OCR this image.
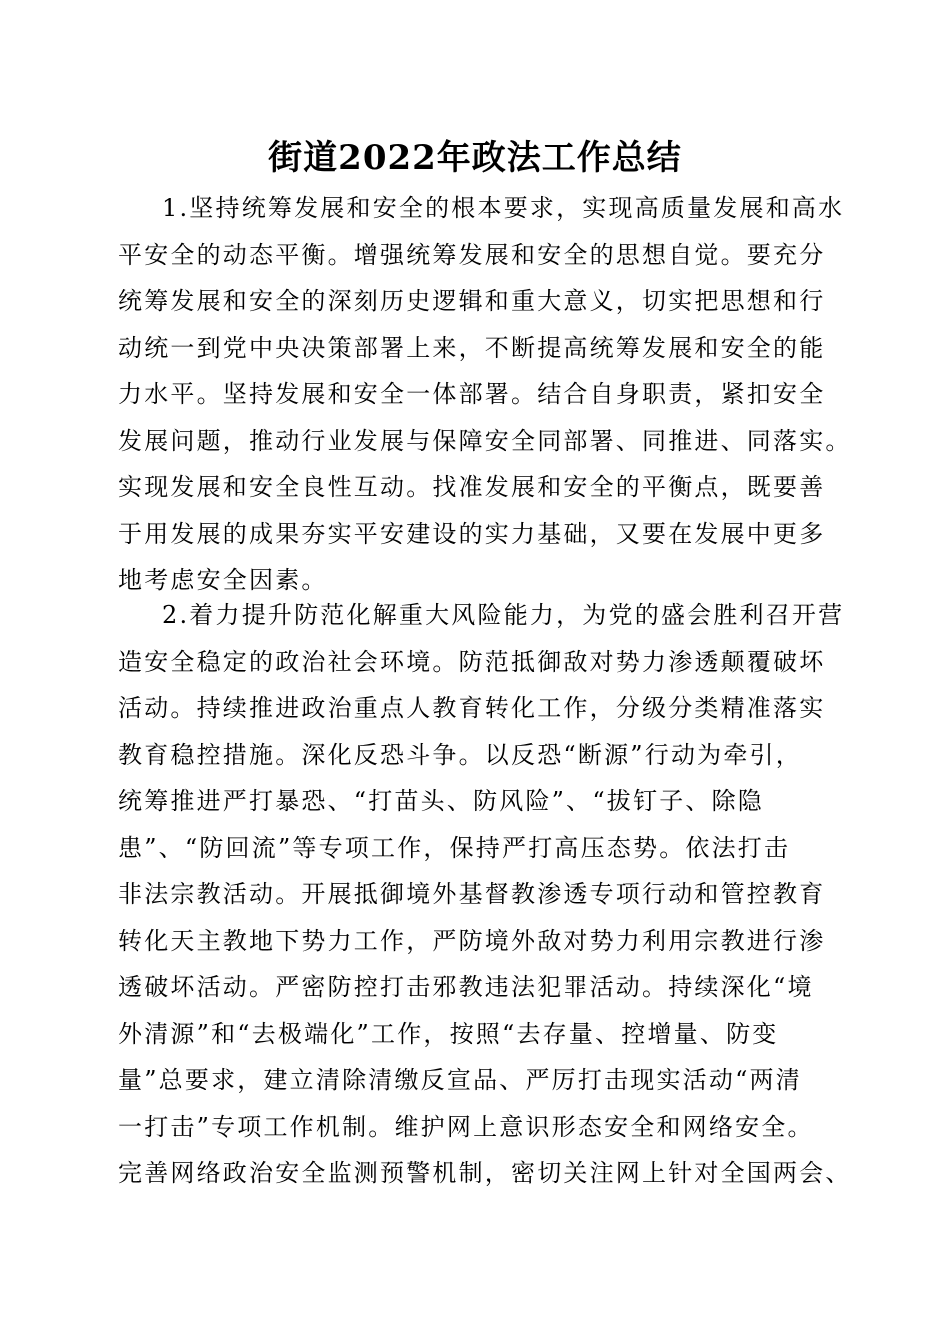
街道2022年政法工作总结
1.坚持统筹发展和安全的根本要求，实现高质量发展和高水
平安全的动态平衡。增强统筹发展和安全的思想自觉。要充分
统筹发展和安全的深刻历史逻辑和重大意义，切实把思想和行
动统一到党中央决策部署上来，不断提高统筹发展和安全的能
力水平。坚持发展和安全一体部署。结合自身职责，紧扣安全
发展问题，推动行业发展与保障安全同部署、同推进、同落实。
实现发展和安全良性互动。找准发展和安全的平衡点，既要善
于用发展的成果夯实平安建设的实力基础，又要在发展中更多
地考虑安全因素。
2.着力提升防范化解重大风险能力，为党的盛会胜利召开营
造安全稳定的政治社会环境。防范抵御敌对势力渗透颠覆破坏
活动。持续推进政治重点人教育转化工作，分级分类精准落实
教育稳控措施。深化反恐斗争。以反恐“断源”行动为牵引，
统筹推进严打暴恐、“打苗头、防风险”、“拔钉子、除隐
患”、“防回流”等专项工作，保持严打高压态势。依法打击
非法宗教活动。开展抵御境外基督教渗透专项行动和管控教育
转化天主教地下势力工作，严防境外敌对势力利用宗教进行渗
透破坏活动。严密防控打击邪教违法犯罪活动。持续深化“境
外清源”和“去极端化”工作，按照“去存量、控增量、防变
量”总要求，建立清除清缴反宣品、严厉打击现实活动“两清
一打击”专项工作机制。维护网上意识形态安全和网络安全。
完善网络政治安全监测预警机制，密切关注网上针对全国两会、
